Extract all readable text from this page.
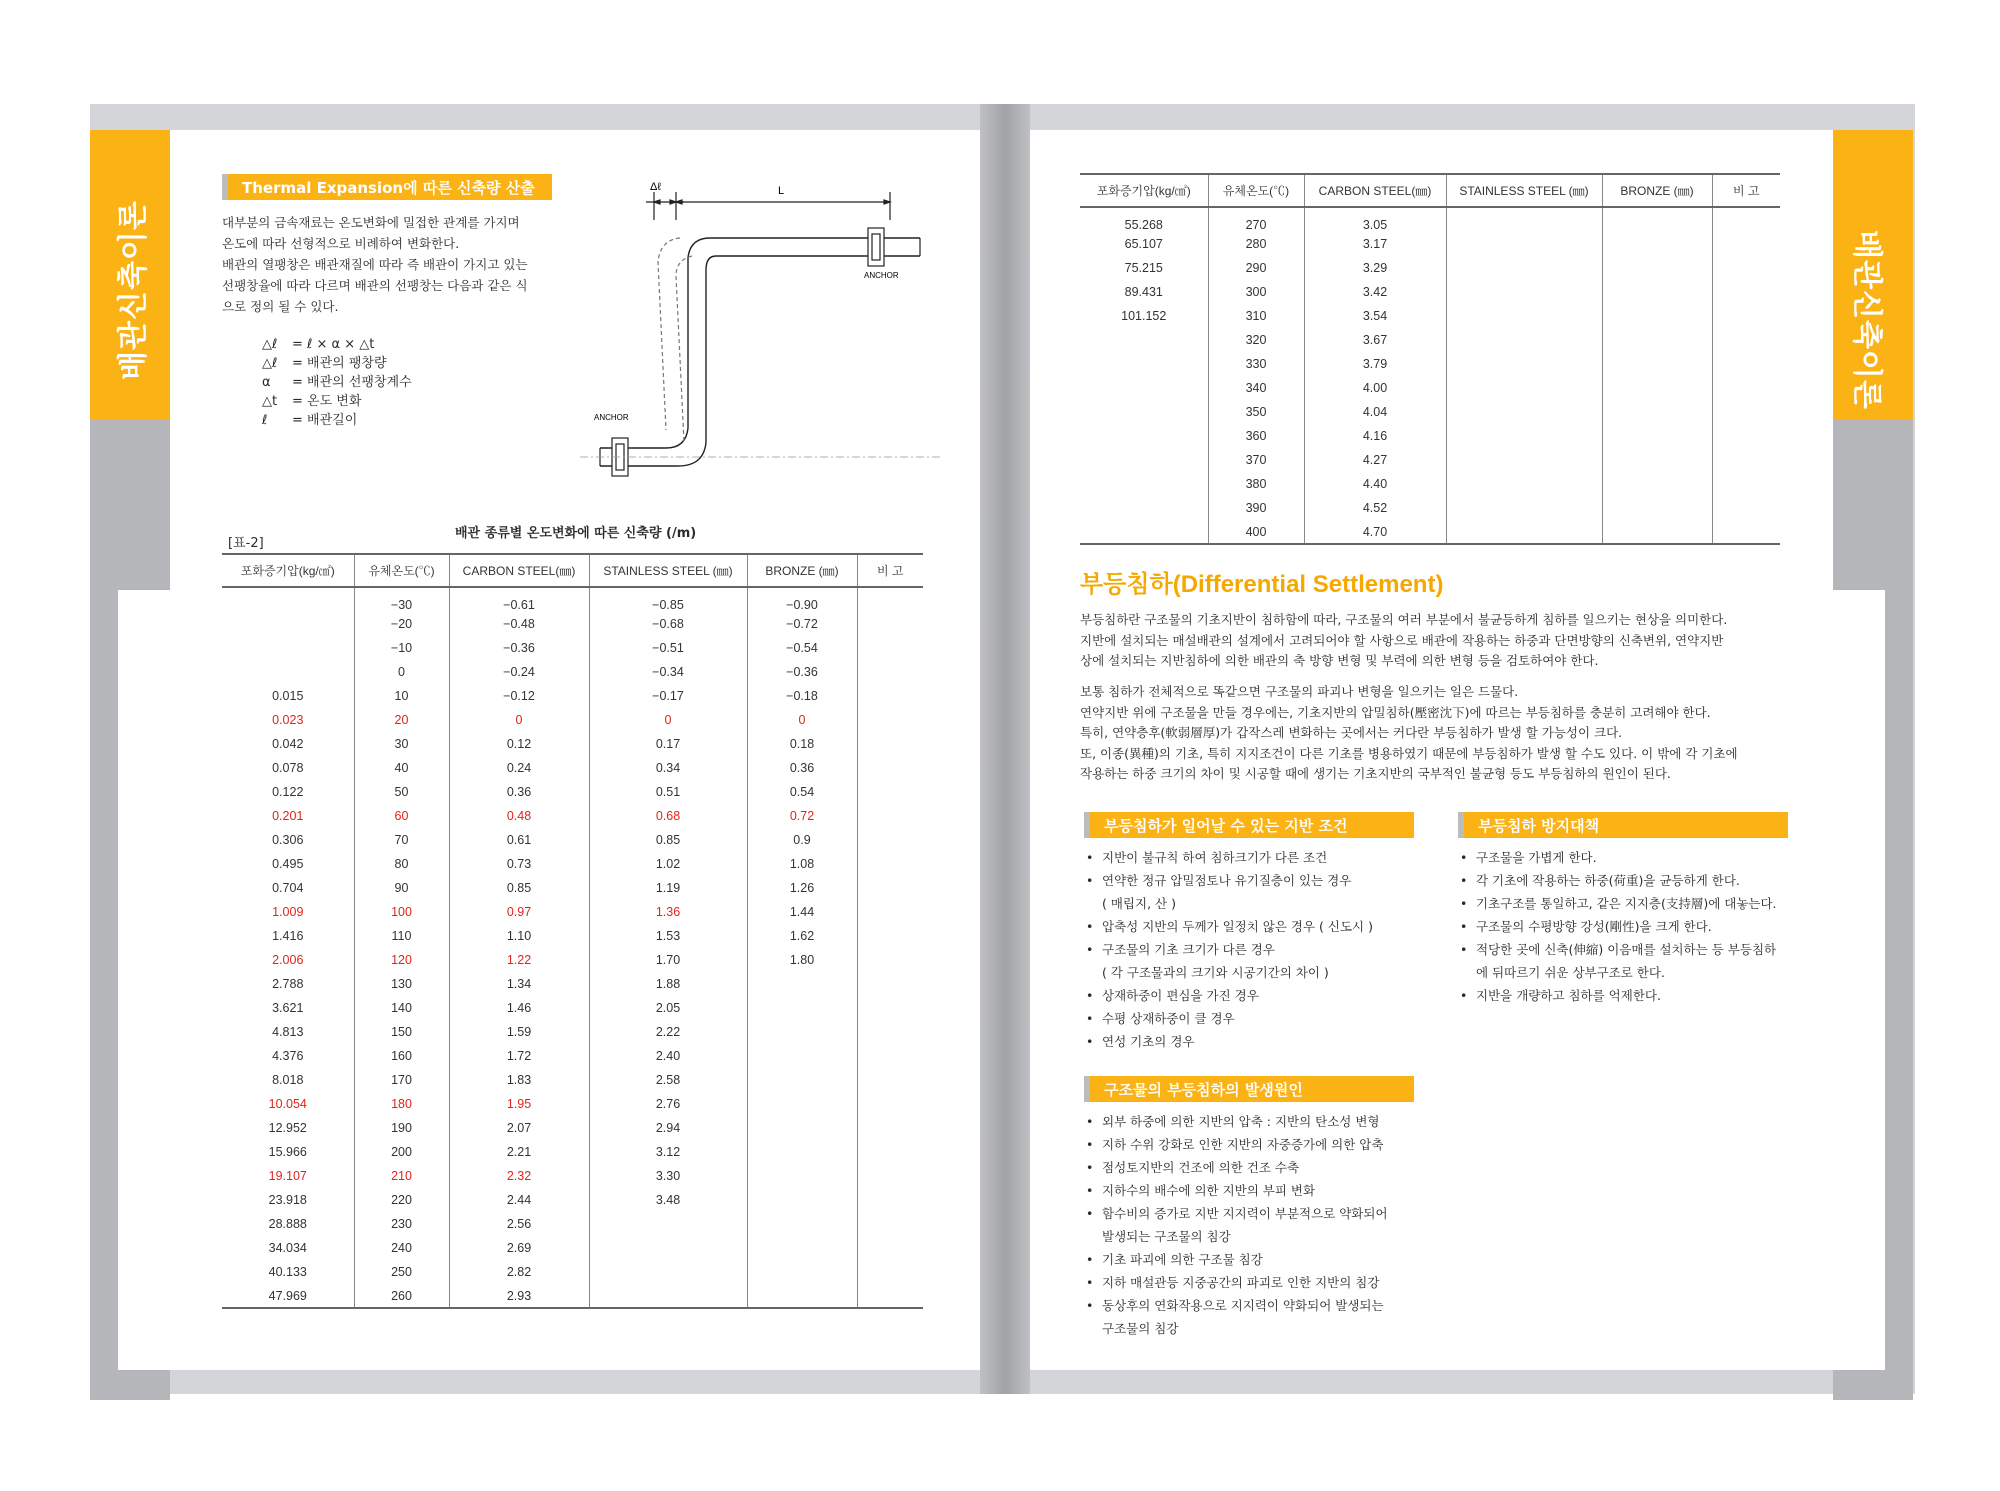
배관신축이론	배관신축이론
04	05
Thermal Expansion에 따른 신축량 산출
대부분의 금속재료는 온도변화에 밀접한 관계를 가지며
온도에 따라 선형적으로 비례하여 변화한다.
배관의 열팽창은 배관재질에 따라 즉 배관이 가지고 있는
선팽창율에 따라 다르며 배관의 선팽창는 다음과 같은 식
으로 정의 될 수 있다.
△ℓ	= ℓ × α × △t
△ℓ	= 배관의 팽창량
α	= 배관의 선팽창계수
△t	= 온도 변화
ℓ	= 배관길이
Δℓ	L
ANCHOR
ANCHOR
배관 종류별 온도변화에 따른 신축량 (/m)
[표-2]
포화증기압(kg/㎠)	유체온도(℃)	CARBON STEEL(㎜)	STAINLESS STEEL (㎜)	BRONZE (㎜)	비 고
	−30	−0.61	−0.85	−0.90	
	−20	−0.48	−0.68	−0.72	
	−10	−0.36	−0.51	−0.54	
	0	−0.24	−0.34	−0.36	
0.015	10	−0.12	−0.17	−0.18	
0.023	20	0	0	0	
0.042	30	0.12	0.17	0.18	
0.078	40	0.24	0.34	0.36	
0.122	50	0.36	0.51	0.54	
0.201	60	0.48	0.68	0.72	
0.306	70	0.61	0.85	0.9	
0.495	80	0.73	1.02	1.08	
0.704	90	0.85	1.19	1.26	
1.009	100	0.97	1.36	1.44	
1.416	110	1.10	1.53	1.62	
2.006	120	1.22	1.70	1.80	
2.788	130	1.34	1.88		
3.621	140	1.46	2.05		
4.813	150	1.59	2.22		
4.376	160	1.72	2.40		
8.018	170	1.83	2.58		
10.054	180	1.95	2.76		
12.952	190	2.07	2.94		
15.966	200	2.21	3.12		
19.107	210	2.32	3.30		
23.918	220	2.44	3.48		
28.888	230	2.56			
34.034	240	2.69			
40.133	250	2.82			
47.969	260	2.93			
포화증기압(kg/㎠)	유체온도(℃)	CARBON STEEL(㎜)	STAINLESS STEEL (㎜)	BRONZE (㎜)	비 고
55.268	270	3.05			
65.107	280	3.17			
75.215	290	3.29			
89.431	300	3.42			
101.152	310	3.54			
	320	3.67			
	330	3.79			
	340	4.00			
	350	4.04			
	360	4.16			
	370	4.27			
	380	4.40			
	390	4.52			
	400	4.70			
부등침하(Differential Settlement)
부등침하란 구조물의 기초지반이 침하함에 따라, 구조물의 여러 부분에서 불균등하게 침하를 일으키는 현상을 의미한다.
지반에 설치되는 매설배관의 설계에서 고려되어야 할 사항으로 배관에 작용하는 하중과 단면방향의 신축변위, 연약지반
상에 설치되는 지반침하에 의한 배관의 축 방향 변형 및 부력에 의한 변형 등을 검토하여야 한다.
보통 침하가 전체적으로 똑같으면 구조물의 파괴나 변형을 일으키는 일은 드물다.
연약지반 위에 구조물을 만들 경우에는, 기초지반의 압밀침하(壓密沈下)에 따르는 부등침하를 충분히 고려해야 한다.
특히, 연약층후(軟弱層厚)가 갑작스레 변화하는 곳에서는 커다란 부등침하가 발생 할 가능성이 크다.
또, 이종(異種)의 기초, 특히 지지조건이 다른 기초를 병용하였기 때문에 부등침하가 발생 할 수도 있다. 이 밖에 각 기초에
작용하는 하중 크기의 차이 및 시공할 때에 생기는 기초지반의 국부적인 불균형 등도 부등침하의 원인이 된다.
부등침하가 일어날 수 있는 지반 조건
• 지반이 불규칙 하여 침하크기가 다른 조건
• 연약한 정규 압밀점토나 유기질층이 있는 경우
( 매립지, 산 )
• 압축성 지반의 두께가 일정치 않은 경우 ( 신도시 )
• 구조물의 기초 크기가 다른 경우
( 각 구조물과의 크기와 시공기간의 차이 )
• 상재하중이 편심을 가진 경우
• 수평 상재하중이 클 경우
• 연성 기초의 경우
부등침하 방지대책
• 구조물을 가볍게 한다.
• 각 기초에 작용하는 하중(荷重)을 균등하게 한다.
• 기초구조를 통일하고, 같은 지지층(支持層)에 대놓는다.
• 구조물의 수평방향 강성(剛性)을 크게 한다.
• 적당한 곳에 신축(伸縮) 이음매를 설치하는 등 부등침하
에 뒤따르기 쉬운 상부구조로 한다.
• 지반을 개량하고 침하를 억제한다.
구조물의 부등침하의 발생원인
• 외부 하중에 의한 지반의 압축 : 지반의 탄소성 변형
• 지하 수위 강화로 인한 지반의 자중증가에 의한 압축
• 점성토지반의 건조에 의한 건조 수축
• 지하수의 배수에 의한 지반의 부피 변화
• 함수비의 증가로 지반 지지력이 부분적으로 약화되어
발생되는 구조물의 침강
• 기초 파괴에 의한 구조물 침강
• 지하 매설관등 지중공간의 파괴로 인한 지반의 침강
• 동상후의 연화작용으로 지지력이 약화되어 발생되는
구조물의 침강
